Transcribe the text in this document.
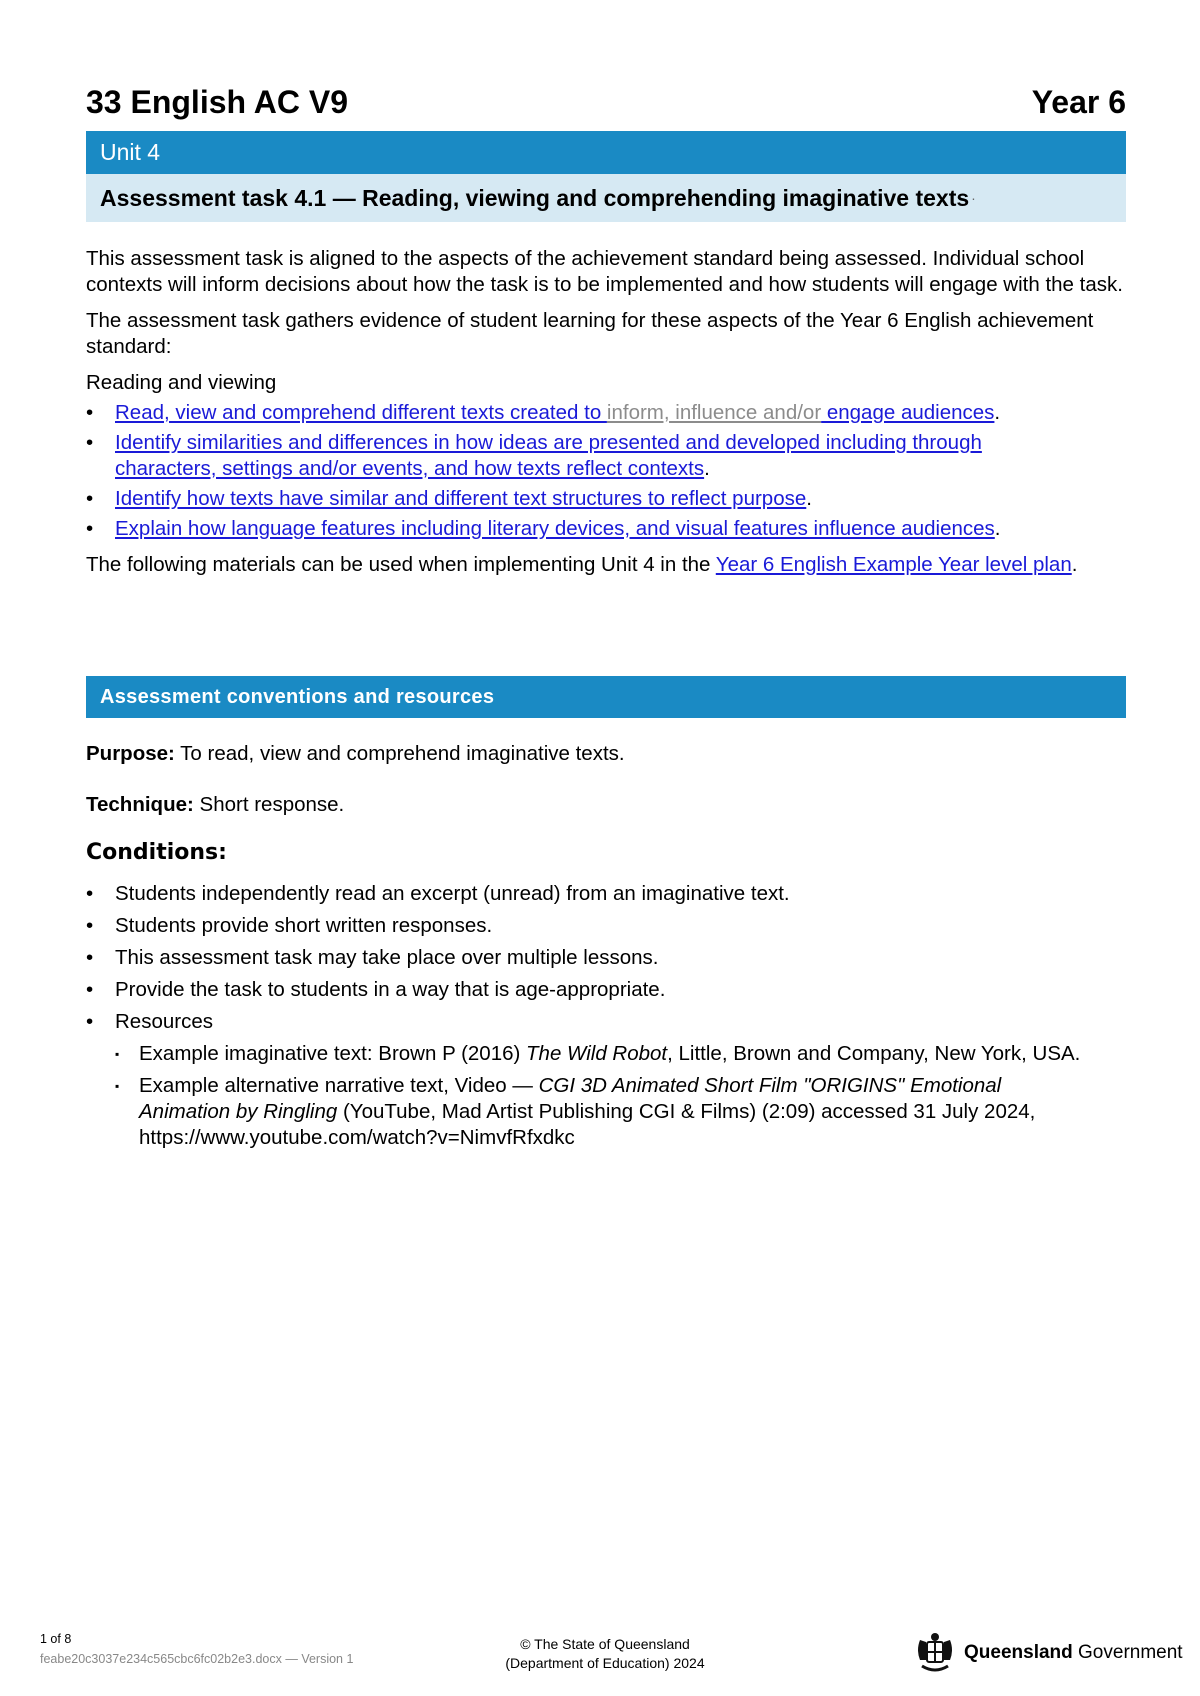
33 English AC V9	Year 6
Unit 4
Assessment task 4.1 — Reading, viewing and comprehending imaginative texts ·

This assessment task is aligned to the aspects of the achievement standard being assessed. Individual school contexts will inform decisions about how the task is to be implemented and how students will engage with the task.

The assessment task gathers evidence of student learning for these aspects of the Year 6 English achievement standard:

Reading and viewing

• Read, view and comprehend different texts created to inform, influence and/or engage audiences.
• Identify similarities and differences in how ideas are presented and developed including through characters, settings and/or events, and how texts reflect contexts.
• Identify how texts have similar and different text structures to reflect purpose.
• Explain how language features including literary devices, and visual features influence audiences.

The following materials can be used when implementing Unit 4 in the Year 6 English Example Year level plan.

Assessment conventions and resources
Purpose: To read, view and comprehend imaginative texts.
Technique: Short response.
Conditions:
• Students independently read an excerpt (unread) from an imaginative text.
• Students provide short written responses.
• This assessment task may take place over multiple lessons.
• Provide the task to students in a way that is age-appropriate.
• Resources
▪ Example imaginative text: Brown P (2016) The Wild Robot, Little, Brown and Company, New York, USA.
▪ Example alternative narrative text, Video — CGI 3D Animated Short Film "ORIGINS" Emotional Animation by Ringling (YouTube, Mad Artist Publishing CGI & Films) (2:09) accessed 31 July 2024, https://www.youtube.com/watch?v=NimvfRfxdkc
1 of 8
feabe20c3037e234c565cbc6fc02b2e3.docx — Version 1
© The State of Queensland
(Department of Education) 2024	Queensland Government
